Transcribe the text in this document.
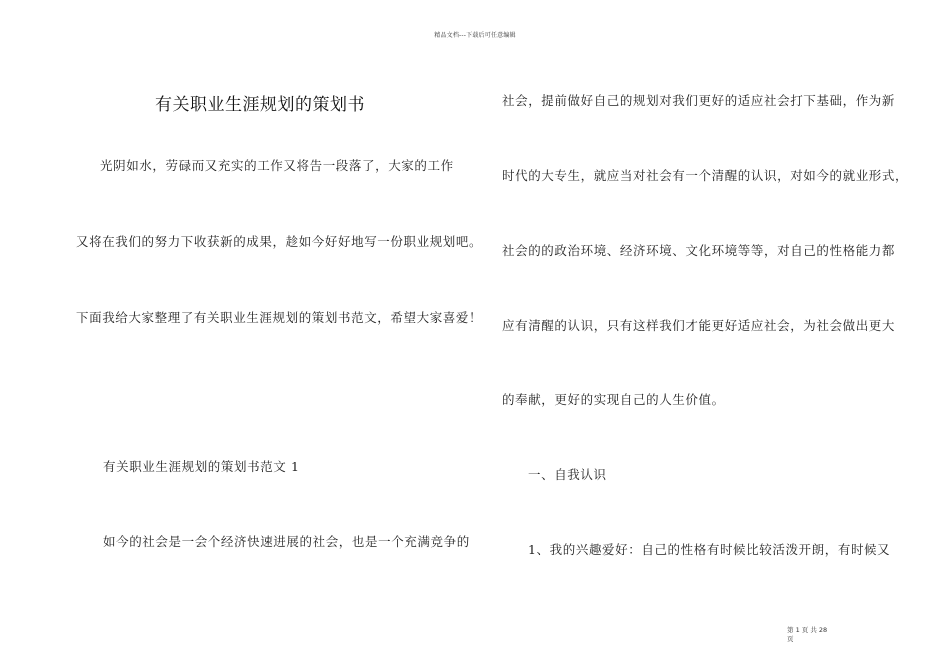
精品文档---下载后可任意编辑
有关职业生涯规划的策划书
光阴如水，劳碌而又充实的工作又将告一段落了，大家的工作
又将在我们的努力下收获新的成果，趁如今好好地写一份职业规划吧。
下面我给大家整理了有关职业生涯规划的策划书范文，希望大家喜爱！
有关职业生涯规划的策划书范文 1
如今的社会是一会个经济快速进展的社会，也是一个充满竞争的
社会，提前做好自己的规划对我们更好的适应社会打下基础，作为新
时代的大专生，就应当对社会有一个清醒的认识，对如今的就业形式，
社会的的政治环境、经济环境、文化环境等等，对自己的性格能力都
应有清醒的认识，只有这样我们才能更好适应社会，为社会做出更大
的奉献，更好的实现自己的人生价值。
一、自我认识
1、我的兴趣爱好：自己的性格有时候比较活泼开朗，有时候又
第 1 页 共 28 页
